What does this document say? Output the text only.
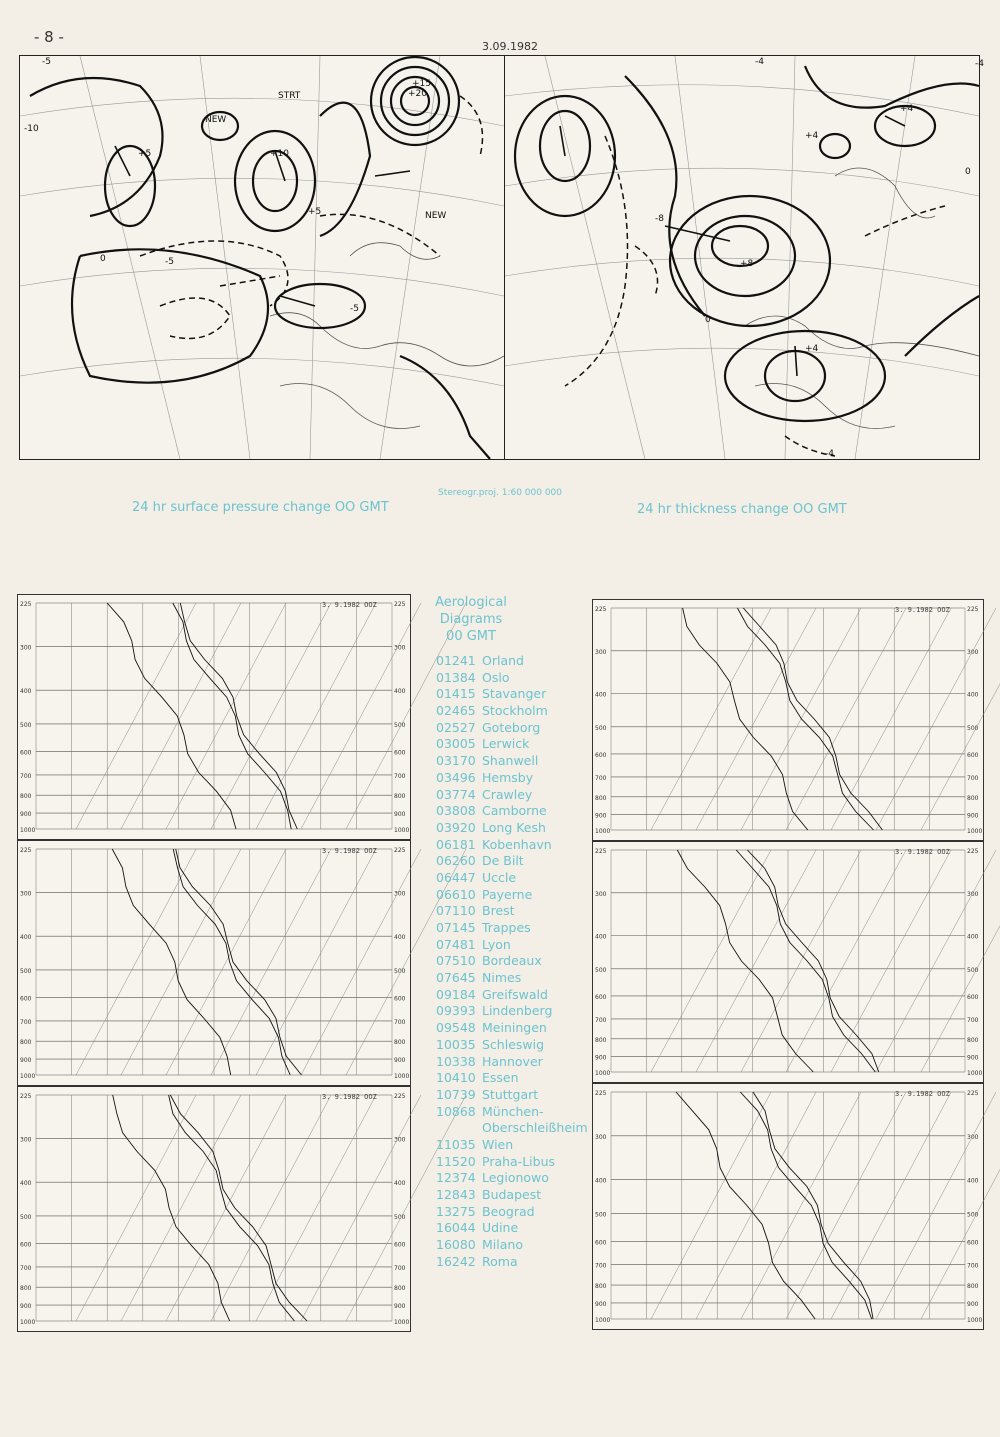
- 8 -
3.09.1982
NEW
STRT
NEW
+20
+15
+10
+5
-5
-10
0	-5
+5
-5
-4
0
+4
+8
-8
+4
-4
0
+4
-4
24 hr surface pressure change OO GMT
Stereogr.proj. 1:60 000 000
24 hr thickness change OO GMT
225	225
300	300
400	400
500	500
600	600
700	700
800	800
900	900
1000	1000
3. 9.1982 OOZ
225	225
300	300
400	400
500	500
600	600
700	700
800	800
900	900
1000	1000
3. 9.1982 OOZ
225	225
300	300
400	400
500	500
600	600
700	700
800	800
900	900
1000	1000
3. 9.1982 OOZ
225	225
300	300
400	400
500	500
600	600
700	700
800	800
900	900
1000	1000
3. 9.1982 OOZ
225	225
300	300
400	400
500	500
600	600
700	700
800	800
900	900
1000	1000
3. 9.1982 OOZ
225	225
300	300
400	400
500	500
600	600
700	700
800	800
900	900
1000	1000
3. 9.1982 OOZ
Aerological
Diagrams
00 GMT
01241 Orland
01384 Oslo
01415 Stavanger
02465 Stockholm
02527 Goteborg
03005 Lerwick
03170 Shanwell
03496 Hemsby
03774 Crawley
03808 Camborne
03920 Long Kesh
06181 Kobenhavn
06260 De Bilt
06447 Uccle
06610 Payerne
07110 Brest
07145 Trappes
07481 Lyon
07510 Bordeaux
07645 Nimes
09184 Greifswald
09393 Lindenberg
09548 Meiningen
10035 Schleswig
10338 Hannover
10410 Essen
10739 Stuttgart
10868 München-
Oberschleißheim
11035 Wien
11520 Praha-Libus
12374 Legionowo
12843 Budapest
13275 Beograd
16044 Udine
16080 Milano
16242 Roma
